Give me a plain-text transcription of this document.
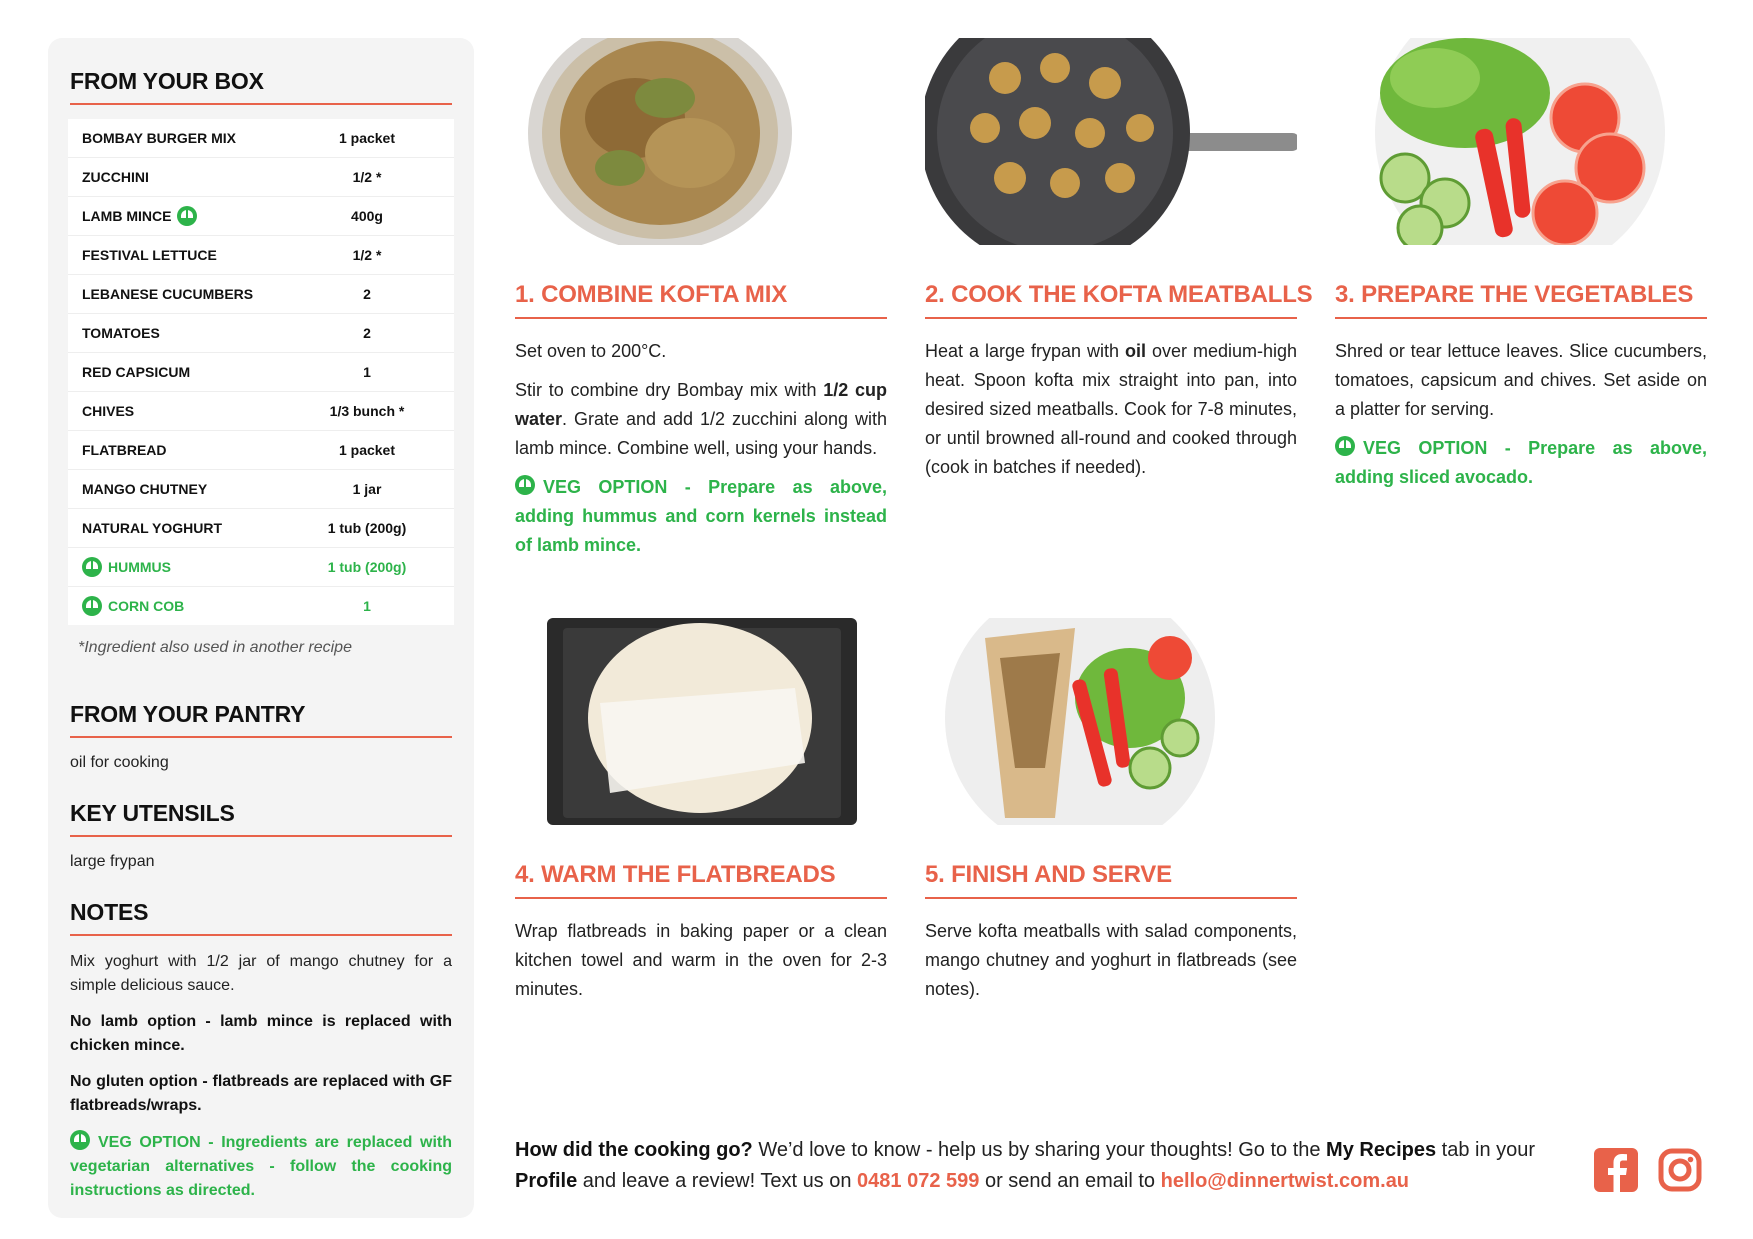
FROM YOUR BOX
BOMBAY BURGER MIX	1 packet
ZUCCHINI	1/2 *
LAMB MINCE	400g
FESTIVAL LETTUCE	1/2 *
LEBANESE CUCUMBERS	2
TOMATOES	2
RED CAPSICUM	1
CHIVES	1/3 bunch *
FLATBREAD	1 packet
MANGO CHUTNEY	1 jar
NATURAL YOGHURT	1 tub (200g)
HUMMUS	1 tub (200g)
CORN COB	1
*Ingredient also used in another recipe
FROM YOUR PANTRY
oil for cooking
KEY UTENSILS
large frypan
NOTES

Mix yoghurt with 1/2 jar of mango chutney for a simple delicious sauce.

No lamb option - lamb mince is replaced with chicken mince.

No gluten option - flatbreads are replaced with GF flatbreads/wraps.

VEG OPTION - Ingredients are replaced with vegetarian alternatives - follow the cooking instructions as directed.

1. COMBINE KOFTA MIX

Set oven to 200°C.

Stir to combine dry Bombay mix with 1/2 cup water. Grate and add 1/2 zucchini along with lamb mince. Combine well, using your hands.

VEG OPTION - Prepare as above, adding hummus and corn kernels instead of lamb mince.

2. COOK THE KOFTA MEATBALLS

Heat a large frypan with oil over medium-high heat. Spoon kofta mix straight into pan, into desired sized meatballs. Cook for 7-8 minutes, or until browned all-round and cooked through (cook in batches if needed).

3. PREPARE THE VEGETABLES

Shred or tear lettuce leaves. Slice cucumbers, tomatoes, capsicum and chives. Set aside on a platter for serving.

VEG OPTION - Prepare as above, adding sliced avocado.

4. WARM THE FLATBREADS

Wrap flatbreads in baking paper or a clean kitchen towel and warm in the oven for 2-3 minutes.

5. FINISH AND SERVE

Serve kofta meatballs with salad components, mango chutney and yoghurt in flatbreads (see notes).

How did the cooking go? We’d love to know - help us by sharing your thoughts! Go to the My Recipes tab in your Profile and leave a review! Text us on 0481 072 599 or send an email to hello@dinnertwist.com.au
